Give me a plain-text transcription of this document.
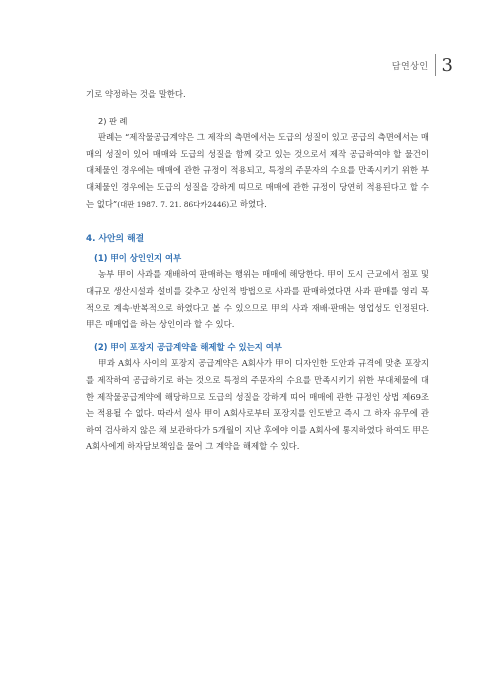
담연상인 3

기로 약정하는 것을 말한다.

2) 판 례

판례는 “제작물공급계약은 그 제작의 측면에서는 도급의 성질이 있고 공급의 측면에서는 매매의 성질이 있어 매매와 도급의 성질을 함께 갖고 있는 것으로서 제작 공급하여야 할 물건이 대체물인 경우에는 매매에 관한 규정이 적용되고, 특정의 주문자의 수요를 만족시키기 위한 부대체물인 경우에는 도급의 성질을 강하게 띠므로 매매에 관한 규정이 당연히 적용된다고 할 수는 없다”(대판 1987. 7. 21. 86다카2446)고 하였다.

4. 사안의 해결

(1) 甲이 상인인지 여부

농부 甲이 사과를 재배하여 판매하는 행위는 매매에 해당한다. 甲이 도시 근교에서 점포 및 대규모 생산시설과 설비를 갖추고 상인적 방법으로 사과를 판매하였다면 사과 판매를 영리 목적으로 계속·반복적으로 하였다고 볼 수 있으므로 甲의 사과 재배·판매는 영업성도 인정된다. 甲은 매매업을 하는 상인이라 할 수 있다.

(2) 甲이 포장지 공급계약을 해제할 수 있는지 여부

甲과 A회사 사이의 포장지 공급계약은 A회사가 甲이 디자인한 도안과 규격에 맞춘 포장지를 제작하여 공급하기로 하는 것으로 특정의 주문자의 수요를 만족시키기 위한 부대체물에 대한 제작물공급계약에 해당하므로 도급의 성질을 강하게 띠어 매매에 관한 규정인 상법 제69조는 적용될 수 없다. 따라서 설사 甲이 A회사로부터 포장지를 인도받고 즉시 그 하자 유무에 관하여 검사하지 않은 채 보관하다가 5개월이 지난 후에야 이를 A회사에 통지하였다 하여도 甲은 A회사에게 하자담보책임을 물어 그 계약을 해제할 수 있다.
